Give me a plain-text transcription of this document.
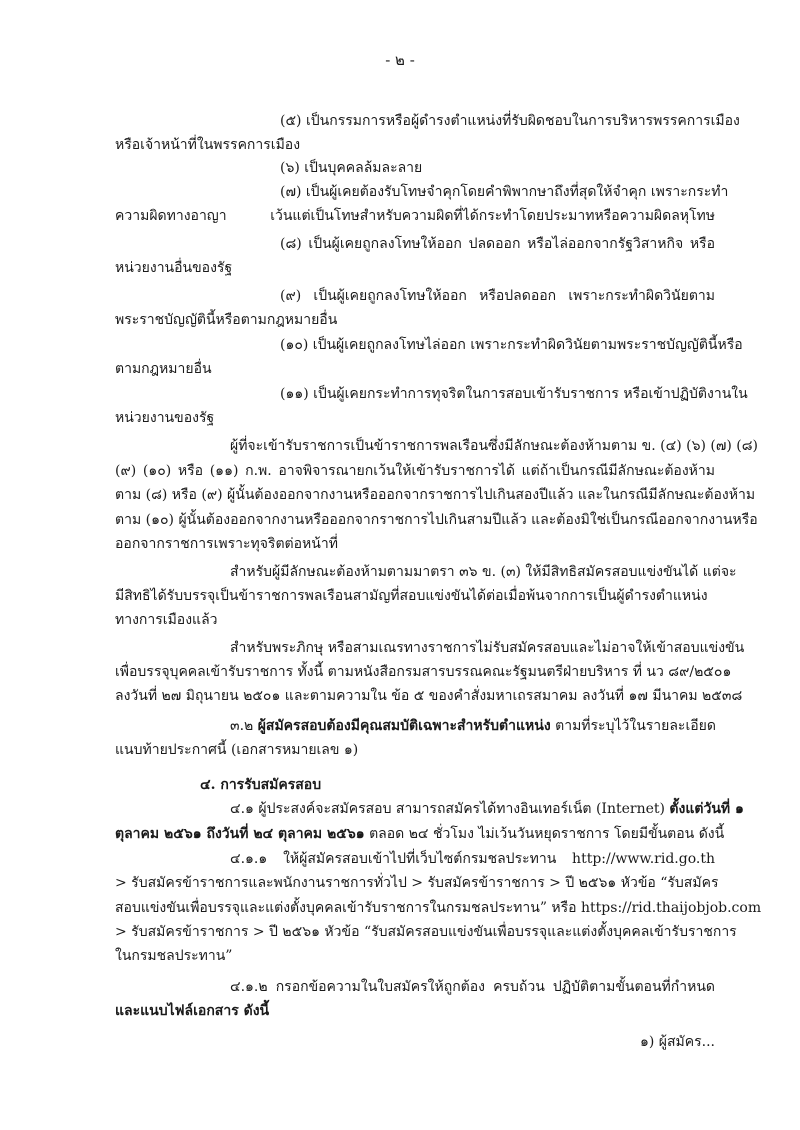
- ๒ -
(๕) เป็นกรรมการหรือผู้ดำรงตำแหน่งที่รับผิดชอบในการบริหารพรรคการเมือง
หรือเจ้าหน้าที่ในพรรคการเมือง
(๖) เป็นบุคคลล้มละลาย
(๗) เป็นผู้เคยต้องรับโทษจำคุกโดยคำพิพากษาถึงที่สุดให้จำคุก เพราะกระทำ
ความผิดทางอาญา เว้นแต่เป็นโทษสำหรับความผิดที่ได้กระทำโดยประมาทหรือความผิดลหุโทษ
(๘) เป็นผู้เคยถูกลงโทษให้ออก ปลดออก หรือไล่ออกจากรัฐวิสาหกิจ หรือ
หน่วยงานอื่นของรัฐ
(๙) เป็นผู้เคยถูกลงโทษให้ออก หรือปลดออก เพราะกระทำผิดวินัยตาม
พระราชบัญญัตินี้หรือตามกฎหมายอื่น
(๑๐) เป็นผู้เคยถูกลงโทษไล่ออก เพราะกระทำผิดวินัยตามพระราชบัญญัตินี้หรือ
ตามกฎหมายอื่น
(๑๑) เป็นผู้เคยกระทำการทุจริตในการสอบเข้ารับราชการ หรือเข้าปฏิบัติงานใน
หน่วยงานของรัฐ
ผู้ที่จะเข้ารับราชการเป็นข้าราชการพลเรือนซึ่งมีลักษณะต้องห้ามตาม ข. (๔) (๖) (๗) (๘)
(๙) (๑๐) หรือ (๑๑) ก.พ. อาจพิจารณายกเว้นให้เข้ารับราชการได้ แต่ถ้าเป็นกรณีมีลักษณะต้องห้าม
ตาม (๘) หรือ (๙) ผู้นั้นต้องออกจากงานหรือออกจากราชการไปเกินสองปีแล้ว และในกรณีมีลักษณะต้องห้าม
ตาม (๑๐) ผู้นั้นต้องออกจากงานหรือออกจากราชการไปเกินสามปีแล้ว และต้องมิใช่เป็นกรณีออกจากงานหรือ
ออกจากราชการเพราะทุจริตต่อหน้าที่
สำหรับผู้มีลักษณะต้องห้ามตามมาตรา ๓๖ ข. (๓) ให้มีสิทธิสมัครสอบแข่งขันได้ แต่จะ
มีสิทธิได้รับบรรจุเป็นข้าราชการพลเรือนสามัญที่สอบแข่งขันได้ต่อเมื่อพ้นจากการเป็นผู้ดำรงตำแหน่ง
ทางการเมืองแล้ว
สำหรับพระภิกษุ หรือสามเณรทางราชการไม่รับสมัครสอบและไม่อาจให้เข้าสอบแข่งขัน
เพื่อบรรจุบุคคลเข้ารับราชการ ทั้งนี้ ตามหนังสือกรมสารบรรณคณะรัฐมนตรีฝ่ายบริหาร ที่ นว ๘๙/๒๕๐๑
ลงวันที่ ๒๗ มิถุนายน ๒๕๐๑ และตามความใน ข้อ ๕ ของคำสั่งมหาเถรสมาคม ลงวันที่ ๑๗ มีนาคม ๒๕๓๘
๓.๒ ผู้สมัครสอบต้องมีคุณสมบัติเฉพาะสำหรับตำแหน่ง ตามที่ระบุไว้ในรายละเอียด
แนบท้ายประกาศนี้ (เอกสารหมายเลข ๑)
๔. การรับสมัครสอบ
๔.๑ ผู้ประสงค์จะสมัครสอบ สามารถสมัครได้ทางอินเทอร์เน็ต (Internet) ตั้งแต่วันที่ ๑
ตุลาคม ๒๕๖๑ ถึงวันที่ ๒๔ ตุลาคม ๒๕๖๑ ตลอด ๒๔ ชั่วโมง ไม่เว้นวันหยุดราชการ โดยมีขั้นตอน ดังนี้
๔.๑.๑ ให้ผู้สมัครสอบเข้าไปที่เว็บไซต์กรมชลประทาน http://www.rid.go.th
> รับสมัครข้าราชการและพนักงานราชการทั่วไป > รับสมัครข้าราชการ > ปี ๒๕๖๑ หัวข้อ “รับสมัคร
สอบแข่งขันเพื่อบรรจุและแต่งตั้งบุคคลเข้ารับราชการในกรมชลประทาน” หรือ https://rid.thaijobjob.com
> รับสมัครข้าราชการ > ปี ๒๕๖๑ หัวข้อ “รับสมัครสอบแข่งขันเพื่อบรรจุและแต่งตั้งบุคคลเข้ารับราชการ
ในกรมชลประทาน”
๔.๑.๒ กรอกข้อความในใบสมัครให้ถูกต้อง ครบถ้วน ปฏิบัติตามขั้นตอนที่กำหนด
และแนบไฟล์เอกสาร ดังนี้
๑) ผู้สมัคร...
